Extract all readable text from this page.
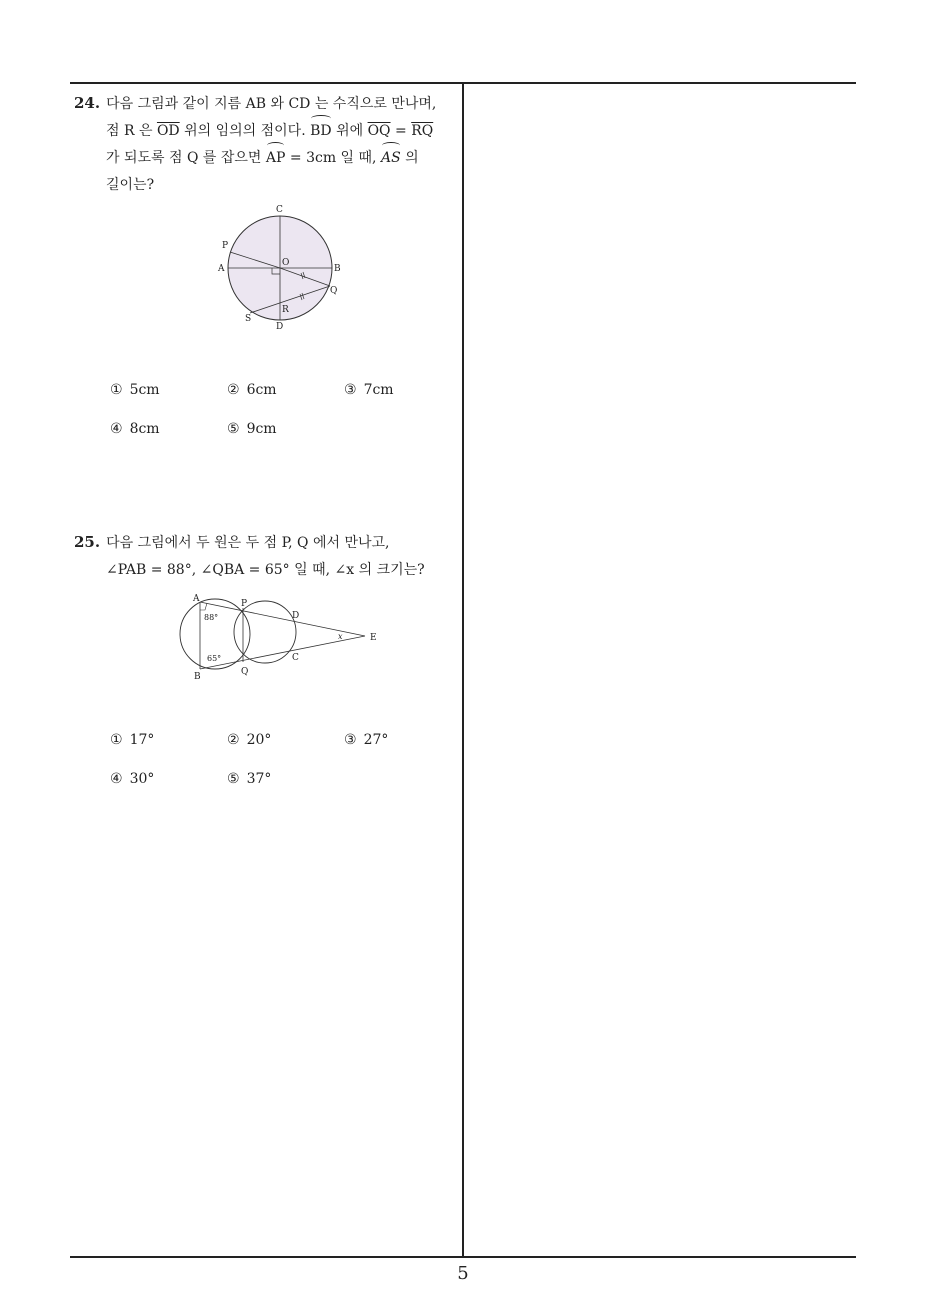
24. 다음 그림과 같이 지름 AB 와 CD 는 수직으로 만나며,
점 R 은 $\overline{OD}$ 위의 임의의 점이다. BD 위에 $\overline{OQ} = \overline{RQ}$
가 되도록 점 Q 를 잡으면 AP = 3cm 일 때, AS 의
길이는?
C
P
A
O
B
Q
R
S
D
① 5cm	② 6cm	③ 7cm
④ 8cm	⑤ 9cm
25. 다음 그림에서 두 원은 두 점 P, Q 에서 만나고,
∠PAB = 88°, ∠QBA = 65° 일 때, ∠x 의 크기는?
A	P
D
E
B	Q
C
x
88°
65°
① 17°	② 20°	③ 27°
④ 30°	⑤ 37°
5
